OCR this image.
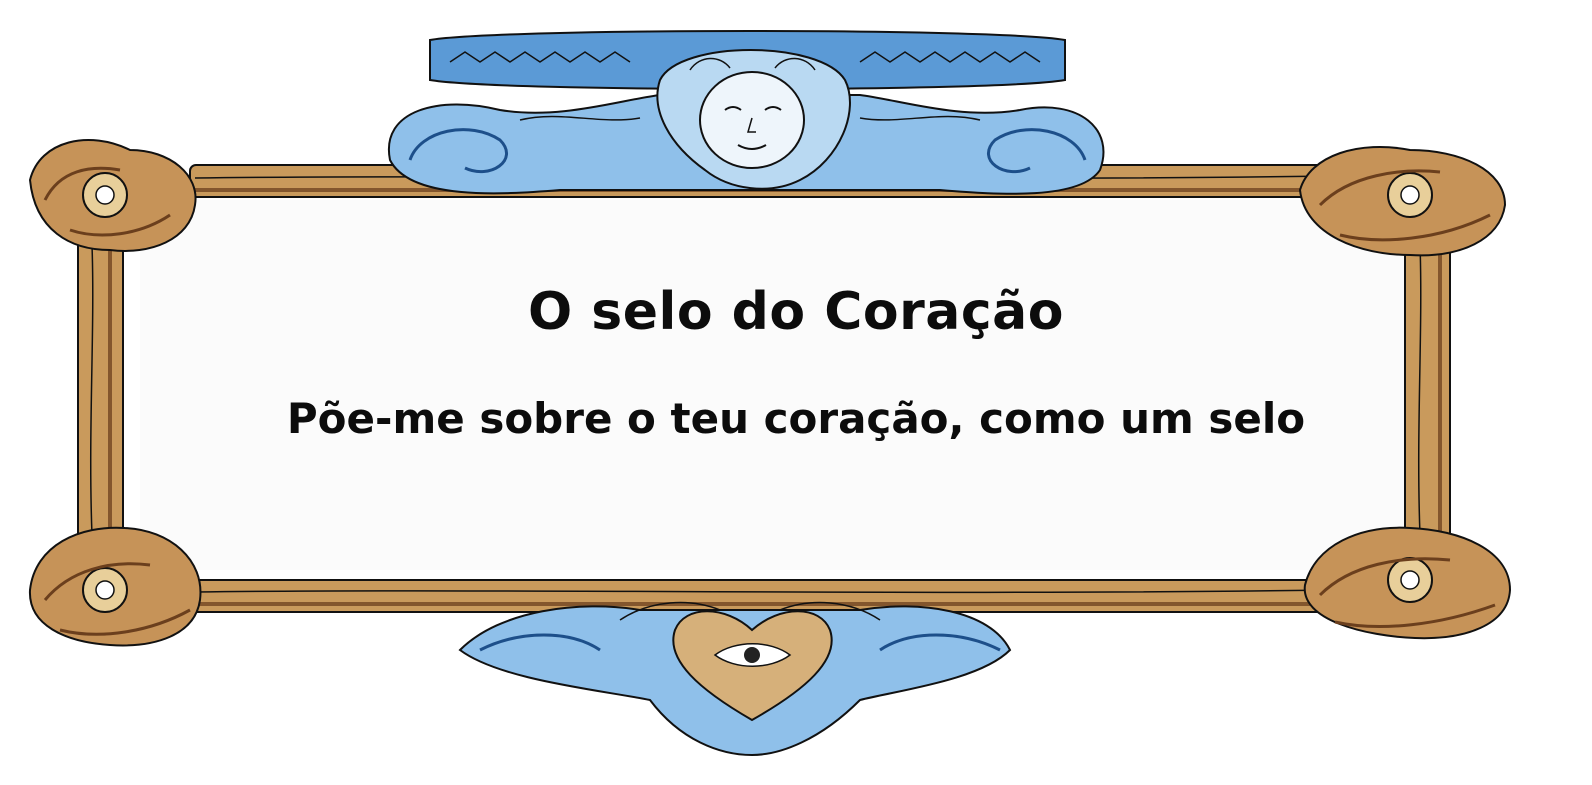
O selo do Coração

Põe-me sobre o teu coração, como um selo
